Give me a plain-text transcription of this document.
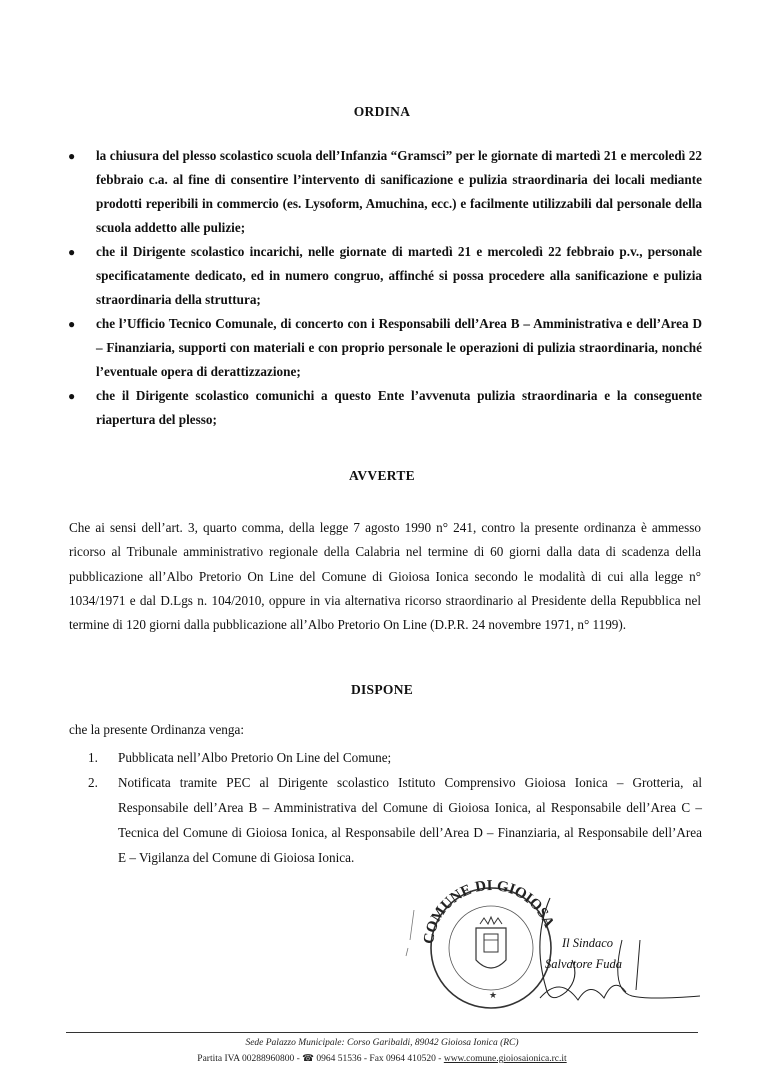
ORDINA
● la chiusura del plesso scolastico scuola dell’Infanzia “Gramsci” per le giornate di martedì 21 e mercoledì 22 febbraio c.a. al fine di consentire l’intervento di sanificazione e pulizia straordinaria dei locali mediante prodotti reperibili in commercio (es. Lysoform, Amuchina, ecc.) e facilmente utilizzabili dal personale della scuola addetto alle pulizie;
● che il Dirigente scolastico incarichi, nelle giornate di martedì 21 e mercoledì 22 febbraio p.v., personale specificatamente dedicato, ed in numero congruo, affinché si possa procedere alla sanificazione e pulizia straordinaria della struttura;
● che l’Ufficio Tecnico Comunale, di concerto con i Responsabili dell’Area B – Amministrativa e dell’Area D – Finanziaria, supporti con materiali e con proprio personale le operazioni di pulizia straordinaria, nonché l’eventuale opera di derattizzazione;
● che il Dirigente scolastico comunichi a questo Ente l’avvenuta pulizia straordinaria e la conseguente riapertura del plesso;
AVVERTE

Che ai sensi dell’art. 3, quarto comma, della legge 7 agosto 1990 n° 241, contro la presente ordinanza è ammesso ricorso al Tribunale amministrativo regionale della Calabria nel termine di 60 giorni dalla data di scadenza della pubblicazione all’Albo Pretorio On Line del Comune di Gioiosa Ionica secondo le modalità di cui alla legge n° 1034/1971 e dal D.Lgs n. 104/2010, oppure in via alternativa ricorso straordinario al Presidente della Repubblica nel termine di 120 giorni dalla pubblicazione all’Albo Pretorio On Line (D.P.R. 24 novembre 1971, n° 1199).

DISPONE

che la presente Ordinanza venga:

1. Pubblicata nell’Albo Pretorio On Line del Comune;
2. Notificata tramite PEC al Dirigente scolastico Istituto Comprensivo Gioiosa Ionica – Grotteria, al Responsabile dell’Area B – Amministrativa del Comune di Gioiosa Ionica, al Responsabile dell’Area C – Tecnica del Comune di Gioiosa Ionica, al Responsabile dell’Area D – Finanziaria, al Responsabile dell’Area E – Vigilanza del Comune di Gioiosa Ionica.
COMUNE DI GIOIOSA
★
Il Sindaco
Salvatore Fuda
Sede Palazzo Municipale: Corso Garibaldi, 89042 Gioiosa Ionica (RC)
Partita IVA 00288960800 - ☎ 0964 51536 - Fax 0964 410520 - www.comune.gioiosaionica.rc.it
